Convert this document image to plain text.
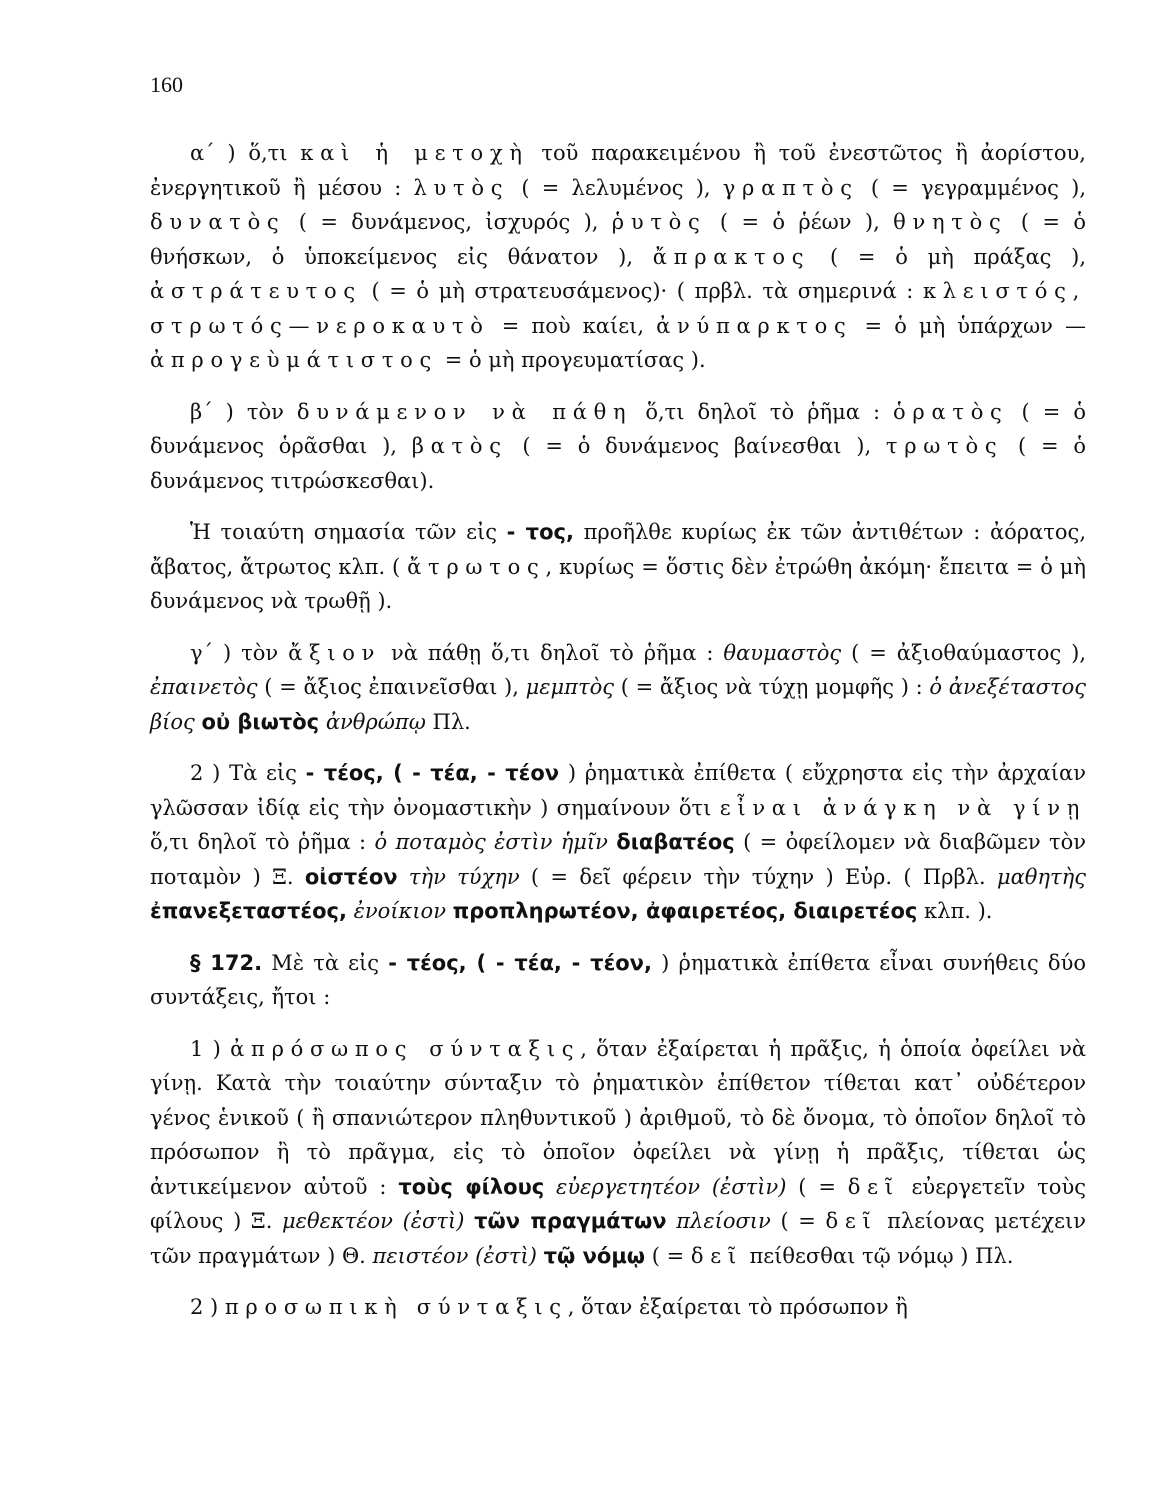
160

α΄ ) ὅ,τι καὶ ἡ μετοχὴ τοῦ παρακειμένου ἢ τοῦ ἐνεστῶτος ἢ ἀορίστου, ἐνεργητικοῦ ἢ μέσου : λυτὸς ( = λελυμένος ), γραπτὸς ( = γεγραμμένος ), δυνατὸς ( = δυνάμενος, ἰσχυρός ), ῥυτὸς ( = ὁ ῥέων ), θνητὸς ( = ὁ θνήσκων, ὁ ὑποκείμενος εἰς θάνατον ), ἄπρακτος ( = ὁ μὴ πράξας ), ἀστράτευτος ( = ὁ μὴ στρατευσάμενος)· ( πρβλ. τὰ σημερινά : κλειστός, στρωτός—νεροκαυτὸ = ποὺ καίει, ἀνύπαρκτος = ὁ μὴ ὑπάρχων — ἀπρογεὺμάτιστος = ὁ μὴ προγευματίσας ).

β΄ ) τὸν δυνάμενον νὰ πάθη ὅ,τι δηλοῖ τὸ ῥῆμα : ὁρατὸς ( = ὁ δυνάμενος ὁρᾶσθαι ), βατὸς ( = ὁ δυνάμενος βαίνεσθαι ), τρωτὸς ( = ὁ δυνάμενος τιτρώσκεσθαι).

Ἡ τοιαύτη σημασία τῶν εἰς - τος, προῆλθε κυρίως ἐκ τῶν ἀντιθέτων : ἀόρατος, ἄβατος, ἄτρωτος κλπ. ( ἄτρωτος, κυρίως = ὅστις δὲν ἐτρώθη ἀκόμη· ἔπειτα = ὁ μὴ δυνάμενος νὰ τρωθῇ ).

γ΄ ) τὸν ἄξιον νὰ πάθῃ ὅ,τι δηλοῖ τὸ ῥῆμα : θαυμαστὸς ( = ἀξιοθαύμαστος ), ἐπαινετὸς ( = ἄξιος ἐπαινεῖσθαι ), μεμπτὸς ( = ἄξιος νὰ τύχῃ μομφῆς ) : ὁ ἀνεξέταστος βίος οὐ βιωτὸς ἀνθρώπῳ Πλ.

2 ) Τὰ εἰς - τέος, ( - τέα, - τέον ) ῥηματικὰ ἐπίθετα ( εὔχρηστα εἰς τὴν ἀρχαίαν γλῶσσαν ἰδίᾳ εἰς τὴν ὀνομαστικὴν ) σημαίνουν ὅτι εἶναι ἀνάγκη νὰ γίνῃ ὅ,τι δηλοῖ τὸ ῥῆμα : ὁ ποταμὸς ἐστὶν ἡμῖν διαβατέος ( = ὀφείλομεν νὰ διαβῶμεν τὸν ποταμὸν ) Ξ. οἰστέον τὴν τύχην ( = δεῖ φέρειν τὴν τύχην ) Εὐρ. ( Πρβλ. μαθητὴς ἐπανεξεταστέος, ἐνοίκιον προπληρωτέον, ἀφαιρετέος, διαιρετέος κλπ. ).

§ 172. Μὲ τὰ εἰς - τέος, ( - τέα, - τέον, ) ῥηματικὰ ἐπίθετα εἶναι συνήθεις δύο συντάξεις, ἤτοι :

1 ) ἀπρόσωπος σύνταξις, ὅταν ἐξαίρεται ἡ πρᾶξις, ἡ ὁποία ὀφείλει νὰ γίνῃ. Κατὰ τὴν τοιαύτην σύνταξιν τὸ ῥηματικὸν ἐπίθετον τίθεται κατ᾽ οὐδέτερον γένος ἑνικοῦ ( ἢ σπανιώτερον πληθυντικοῦ ) ἀριθμοῦ, τὸ δὲ ὄνομα, τὸ ὁποῖον δηλοῖ τὸ πρόσωπον ἢ τὸ πρᾶγμα, εἰς τὸ ὁποῖον ὀφείλει νὰ γίνῃ ἡ πρᾶξις, τίθεται ὡς ἀντικείμενον αὐτοῦ : τοὺς φίλους εὐεργετητέον (ἐστὶν) ( = δεῖ εὐεργετεῖν τοὺς φίλους ) Ξ. μεθεκτέον (ἐστὶ) τῶν πραγμάτων πλείοσιν ( = δεῖ πλείονας μετέχειν τῶν πραγμάτων ) Θ. πειστέον (ἐστὶ) τῷ νόμῳ ( = δεῖ πείθεσθαι τῷ νόμῳ ) Πλ.

2 ) προσωπικὴ σύνταξις, ὅταν ἐξαίρεται τὸ πρόσωπον ἢ
